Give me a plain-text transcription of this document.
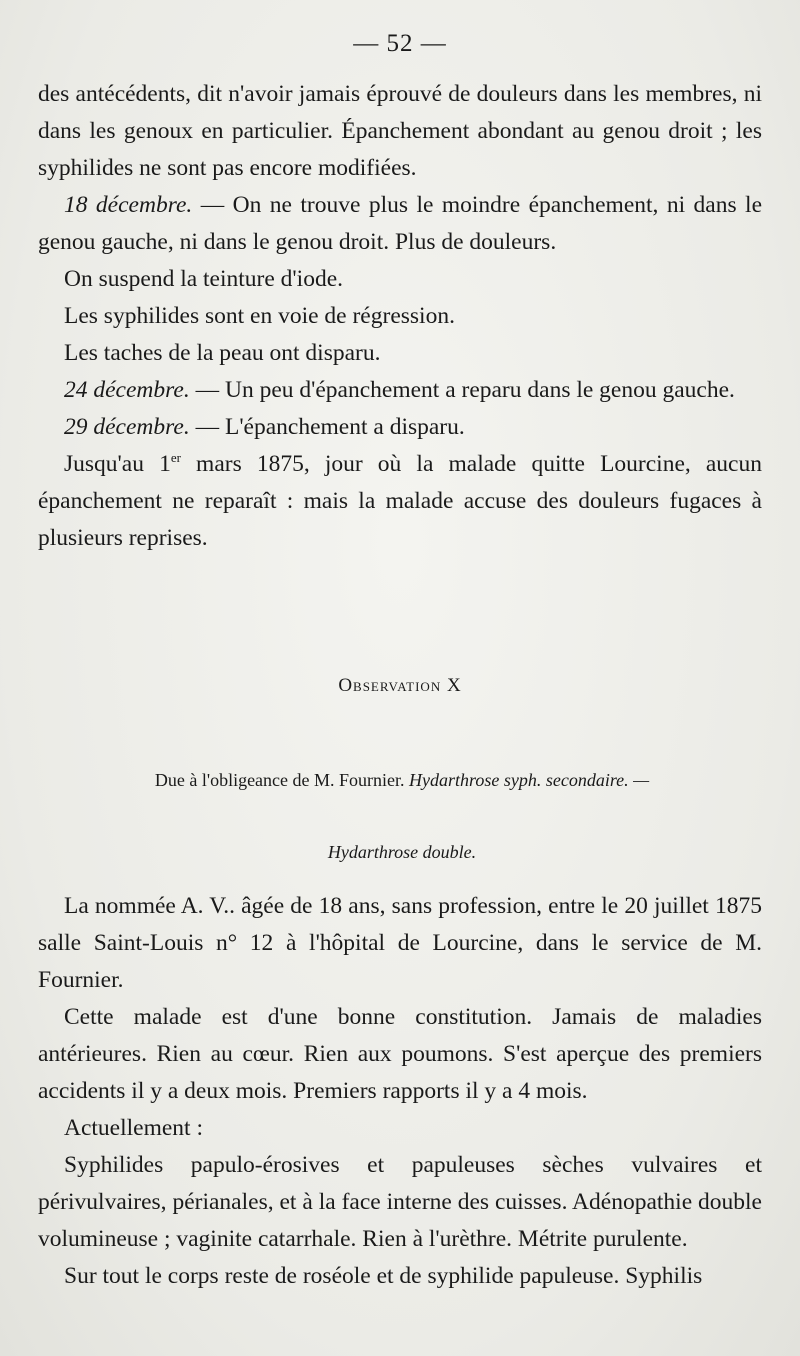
— 52 —

des antécédents, dit n'avoir jamais éprouvé de douleurs dans les membres, ni dans les genoux en particulier. Épanchement abondant au genou droit ; les syphilides ne sont pas encore modifiées.

18 décembre. — On ne trouve plus le moindre épanchement, ni dans le genou gauche, ni dans le genou droit. Plus de douleurs.

On suspend la teinture d'iode.

Les syphilides sont en voie de régression.

Les taches de la peau ont disparu.

24 décembre. — Un peu d'épanchement a reparu dans le genou gauche.

29 décembre. — L'épanchement a disparu.

Jusqu'au 1er mars 1875, jour où la malade quitte Lourcine, aucun épanchement ne reparaît : mais la malade accuse des douleurs fugaces à plusieurs reprises.

Observation X
Due à l'obligeance de M. Fournier. Hydarthrose syph. secondaire. —
Hydarthrose double.

La nommée A. V.. âgée de 18 ans, sans profession, entre le 20 juillet 1875 salle Saint-Louis n° 12 à l'hôpital de Lourcine, dans le service de M. Fournier.

Cette malade est d'une bonne constitution. Jamais de maladies antérieures. Rien au cœur. Rien aux poumons. S'est aperçue des premiers accidents il y a deux mois. Premiers rapports il y a 4 mois.

Actuellement :

Syphilides papulo-érosives et papuleuses sèches vulvaires et périvulvaires, périanales, et à la face interne des cuisses. Adénopathie double volumineuse ; vaginite catarrhale. Rien à l'urèthre. Métrite purulente.

Sur tout le corps reste de roséole et de syphilide papuleuse. Syphilis
